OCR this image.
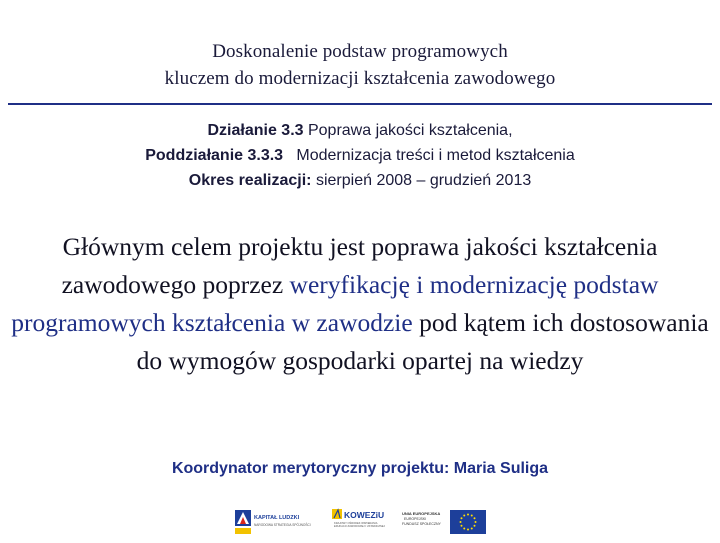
Doskonalenie podstaw programowych
kluczem do modernizacji kształcenia zawodowego
Działanie 3.3 Poprawa jakości kształcenia,
Poddziałanie 3.3.3 Modernizacja treści i metod kształcenia
Okres realizacji: sierpień 2008 – grudzień 2013
Głównym celem projektu jest poprawa jakości kształcenia zawodowego poprzez weryfikację i modernizację podstaw programowych kształcenia w zawodzie pod kątem ich dostosowania do wymogów gospodarki opartej na wiedzy
Koordynator merytoryczny projektu: Maria Suliga
KAPITAŁ LUDZKI
NARODOWA STRATEGIA SPÓJNOŚCI
KOWEZiU
KRAJOWY OŚRODEK WSPIERANIA EDUKACJI ZAWODOWEJ I USTAWICZNEJ
UNIA EUROPEJSKA
EUROPEJSKI
FUNDUSZ SPOŁECZNY
